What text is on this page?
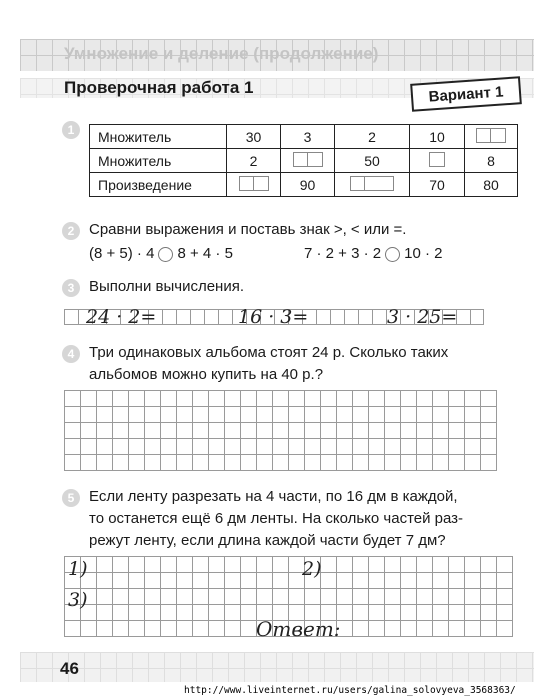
Умножение и деление (продолжение)
Проверочная работа 1	Вариант 1
1 Множитель	30	3	2	10	
Множитель	2		50		8
Произведение		90		70	80
2 Сравни выражения и поставь знак >, < или =.
(8 + 5) · 4 8 + 4 · 5	7 · 2 + 3 · 2 10 · 2
3 Выполни вычисления.
24 · 2=	16 · 3=	3 · 25=
4 Три одинаковых альбома стоят 24 р. Сколько таких
альбомов можно купить на 40 р.?
5 Если ленту разрезать на 4 части, по 16 дм в каждой,
то останется ещё 6 дм ленты. На сколько частей раз-
режут ленту, если длина каждой части будет 7 дм?
1)	2)
3)
Ответ:
46
http://www.liveinternet.ru/users/galina_solovyeva_3568363/
